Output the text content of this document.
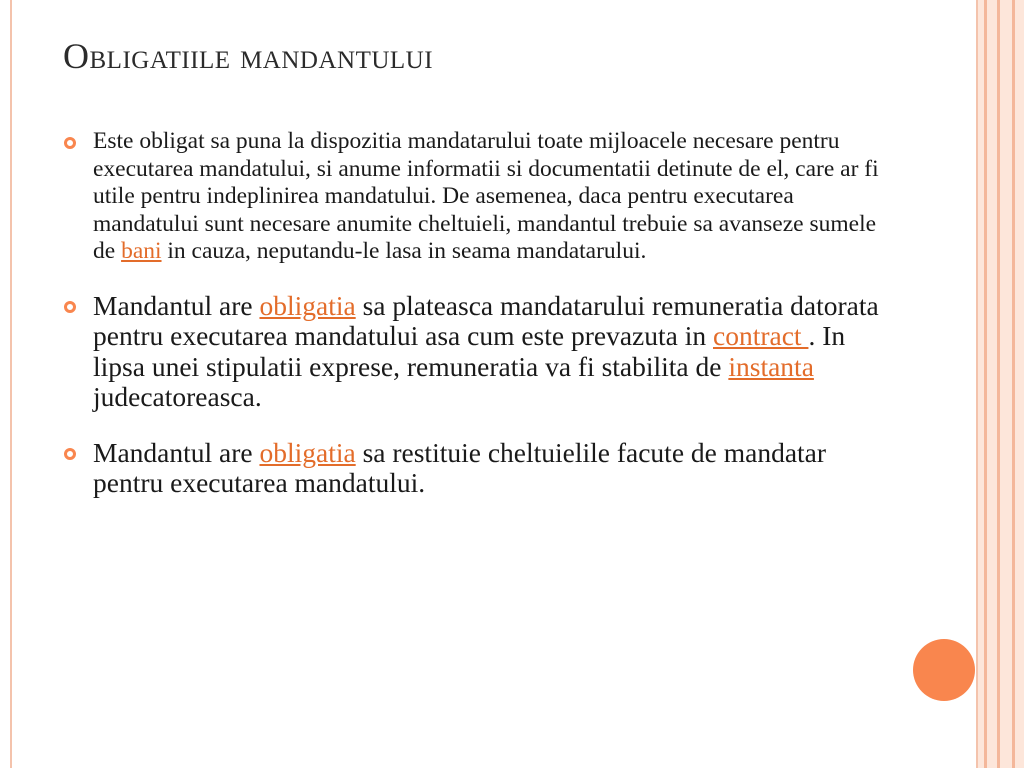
Obligatiile mandantului
Este obligat sa puna la dispozitia mandatarului toate mijloacele necesare pentru executarea mandatului, si anume informatii si documentatii detinute de el, care ar fi utile pentru indeplinirea mandatului. De asemenea, daca pentru executarea mandatului sunt necesare anumite cheltuieli, mandantul trebuie sa avanseze sumele de bani in cauza, neputandu-le lasa in seama mandatarului.
Mandantul are obligatia sa plateasca mandatarului remuneratia datorata pentru executarea mandatului asa cum este prevazuta in contract . In lipsa unei stipulatii exprese, remuneratia va fi stabilita de instanta judecatoreasca.
Mandantul are obligatia sa restituie cheltuielile facute de mandatar pentru executarea mandatului.
